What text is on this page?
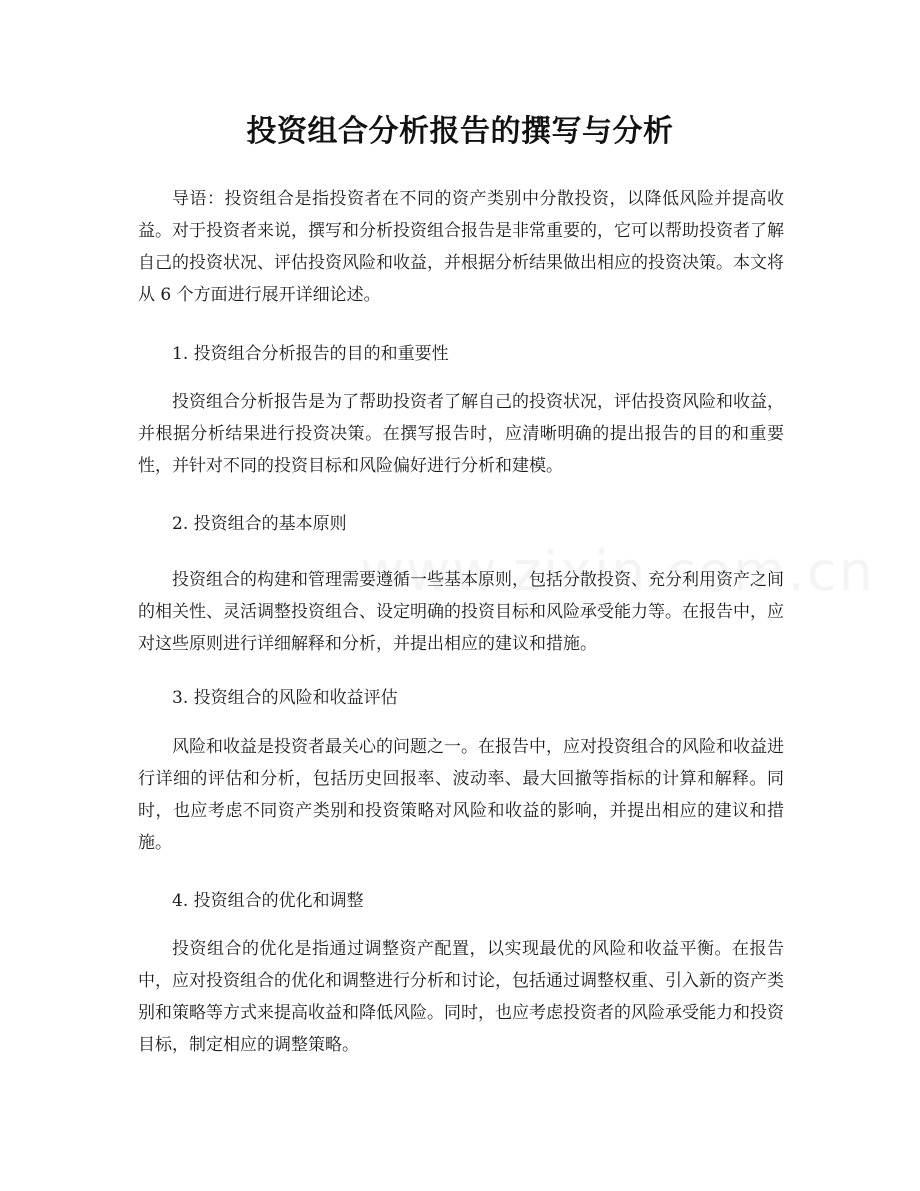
投资组合分析报告的撰写与分析

导语：投资组合是指投资者在不同的资产类别中分散投资，以降低风险并提高收益。对于投资者来说，撰写和分析投资组合报告是非常重要的，它可以帮助投资者了解自己的投资状况、评估投资风险和收益，并根据分析结果做出相应的投资决策。本文将从 6 个方面进行展开详细论述。

1. 投资组合分析报告的目的和重要性

投资组合分析报告是为了帮助投资者了解自己的投资状况，评估投资风险和收益，并根据分析结果进行投资决策。在撰写报告时，应清晰明确的提出报告的目的和重要性，并针对不同的投资目标和风险偏好进行分析和建模。

2. 投资组合的基本原则

投资组合的构建和管理需要遵循一些基本原则，包括分散投资、充分利用资产之间的相关性、灵活调整投资组合、设定明确的投资目标和风险承受能力等。在报告中，应对这些原则进行详细解释和分析，并提出相应的建议和措施。

3. 投资组合的风险和收益评估

风险和收益是投资者最关心的问题之一。在报告中，应对投资组合的风险和收益进行详细的评估和分析，包括历史回报率、波动率、最大回撤等指标的计算和解释。同时，也应考虑不同资产类别和投资策略对风险和收益的影响，并提出相应的建议和措施。

4. 投资组合的优化和调整

投资组合的优化是指通过调整资产配置，以实现最优的风险和收益平衡。在报告中，应对投资组合的优化和调整进行分析和讨论，包括通过调整权重、引入新的资产类别和策略等方式来提高收益和降低风险。同时，也应考虑投资者的风险承受能力和投资目标，制定相应的调整策略。
